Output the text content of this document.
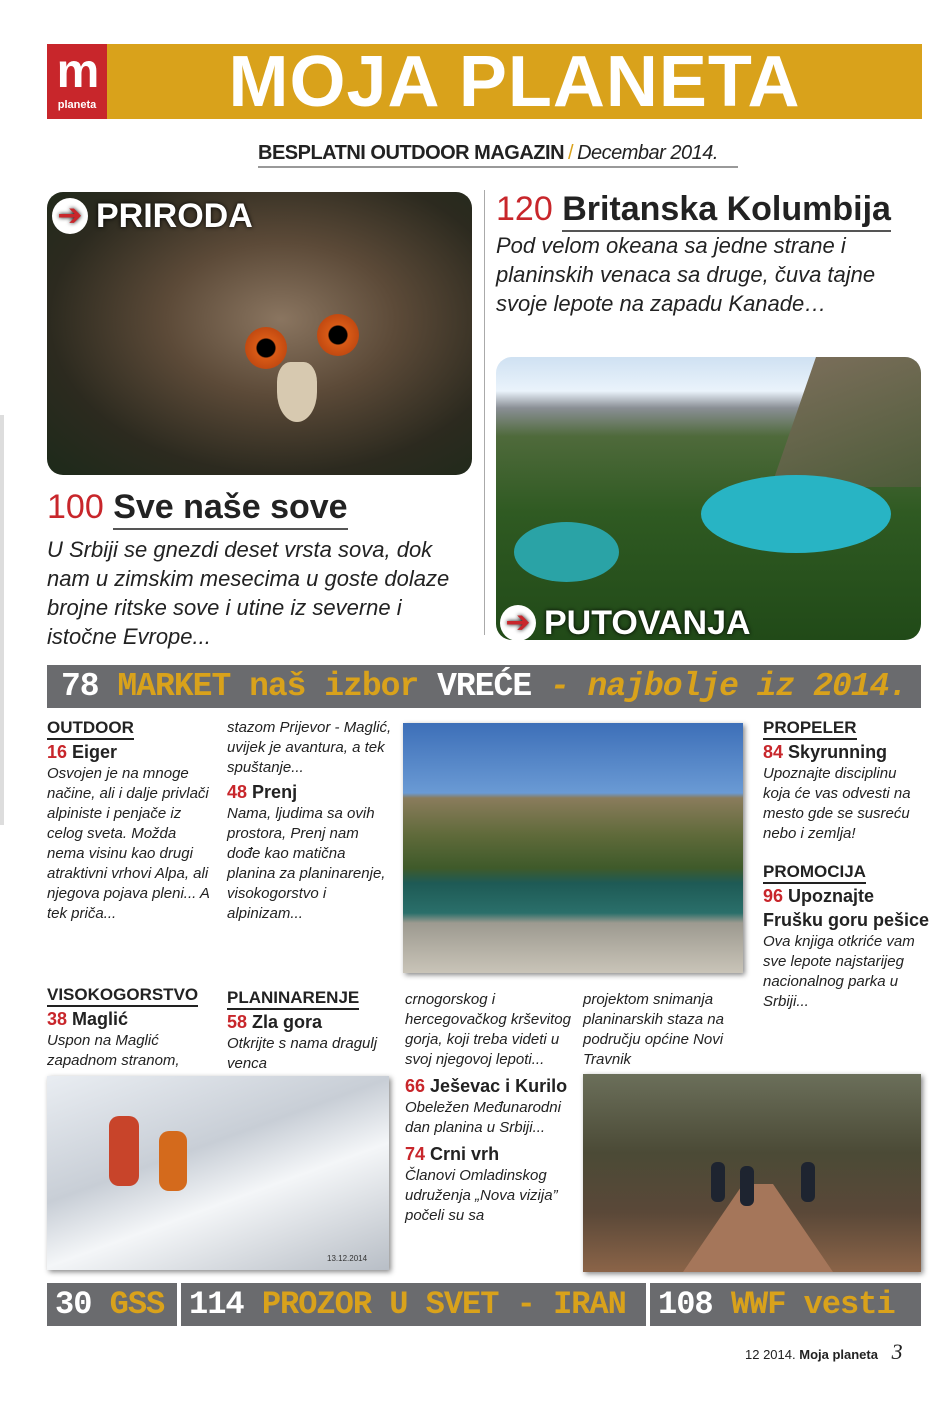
m
planeta	MOJA PLANETA
BESPLATNI OUTDOOR MAGAZIN / Decembar 2014.
➔ PRIRODA
➔ PUTOVANJA
120 Britanska Kolumbija
Pod velom okeana sa jedne strane i planinskih venaca sa druge, čuva tajne svoje lepote na zapadu Kanade…
100 Sve naše sove
U Srbiji se gnezdi deset vrsta sova, dok nam u zimskim mesecima u goste dolaze brojne ritske sove i utine iz severne i istočne Evrope...
78 MARKET naš izbor VREĆE - najbolje iz 2014.
OUTDOOR
16 Eiger
Osvojen je na mnoge načine, ali i dalje privlači alpiniste i penjače iz celog sveta. Možda nema visinu kao drugi atraktivni vrhovi Alpa, ali njegova pojava pleni... A tek priča...
VISOKOGORSTVO
38 Maglić
Uspon na Maglić zapadnom stranom,
stazom Prijevor - Maglić, uvijek je avantura, a tek spuštanje...
48 Prenj
Nama, ljudima sa ovih prostora, Prenj nam dođe kao matična planina za planinarenje, visokogorstvo i alpinizam...
PLANINARENJE
58 Zla gora
Otkrijte s nama dragulj venca
crnogorskog i hercegovačkog krševitog gorja, koji treba videti u svoj njegovoj lepoti...
66 Ješevac i Kurilo
Obeležen Međunarodni dan planina u Srbiji...
74 Crni vrh
Članovi Omladinskog udruženja „Nova vizija” počeli su sa
projektom snimanja planinarskih staza na području općine Novi Travnik
PROPELER
84 Skyrunning
Upoznajte disciplinu koja će vas odvesti na mesto gde se susreću nebo i zemlja!
PROMOCIJA
96 Upoznajte
Frušku goru pešice
Ova knjiga otkriće vam sve lepote najstarijeg nacionalnog parka u Srbiji...
13.12.2014
30 GSS 114 PROZOR U SVET - IRAN	108 WWF vesti
12 2014. Moja planeta 3
